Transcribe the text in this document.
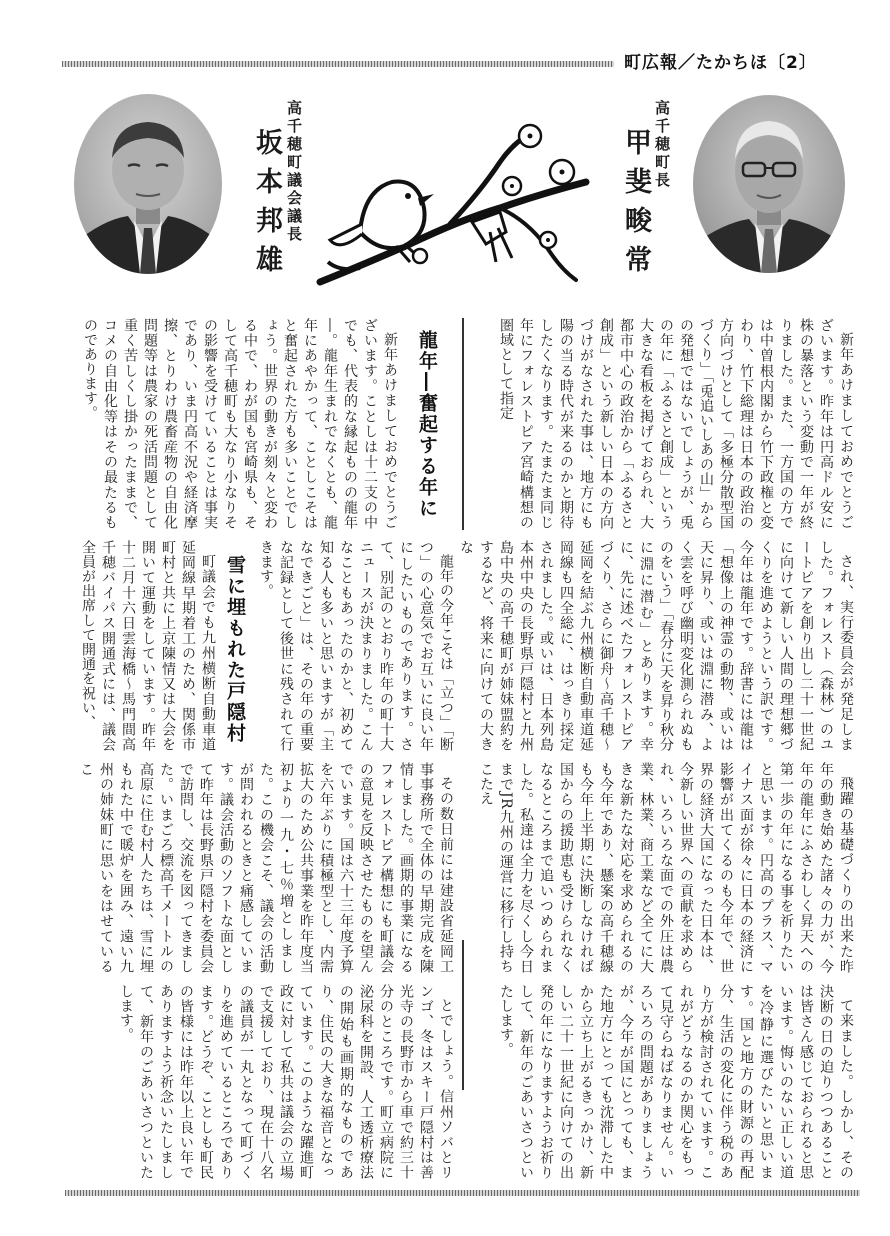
町広報／たかちほ〔2〕
高千穂町長
甲斐畯常
高千穂町議会議長
坂本邦雄

新年あけましておめでとうございます。昨年は円高ドル安に株の暴落という変動で一年が終りました。また、一方国の方では中曽根内閣から竹下政権と変わり、竹下総理は日本の政治の方向づけとして「多極分散型国づくり」「兎追いしあの山」からの発想ではないでしょうが、兎の年に「ふるさと創成」という大きな看板を掲げておられ、大都市中心の政治から「ふるさと創成」という新しい日本の方向づけがなされた事は、地方にも陽の当る時代が来るのかと期待したくなります。たまたま同じ年にフォレストピア宮崎構想の圏域として指定

され、実行委員会が発足しました。フォレスト（森林）のユートピアを創り出し二十一世紀に向けて新しい人間の理想郷づくりを進めようという訳です。今年は龍年です。辞書には龍は「想像上の神霊の動物、或いは天に昇り、或いは淵に潜み、よく雲を呼び幽明変化測られぬものをいう」「春分に天を昇り秋分に淵に潜む」とあります。幸に、先に述べたフォレストピアづくり、さらに御舟～高千穂～延岡を結ぶ九州横断自動車道延岡線も四全総に、はっきり採定されました。或いは、日本列島本州中央の長野県戸隠村と九州島中央の高千穂町が姉妹盟約をするなど、将来に向けての大きな

飛躍の基礎づくりの出来た昨年の動き始めた諸々の力が、今年の龍年にふさわしく昇天への第一歩の年になる事を祈りたいと思います。円高のプラス、マイナス面が徐々に日本の経済に影響が出てくるのも今年で、世界の経済大国になった日本は、今新しい世界への貢献を求められ、いろいろな面での外圧は農業、林業、商工業など全てに大きな新たな対応を求められるのも今年であり、懸案の高千穂線も今年上半期に決断しなければ国からの援助恵も受けられなくなるところまで追いつめられました。私達は全力を尽くし今日までJR九州の運営に移行し持ちこたえ

て来ました。しかし、その決断の日の迫りつつあることは皆さん感じておられると思います。悔いのない正しい道を冷静に選びたいと思います。国と地方の財源の再配分、生活の変化に伴う税のあり方が検討されています。これがどうなるのか関心をもって見守らねばなりません。いろいろの問題がありましょうが、今年が国にとっても、また地方にとっても沈滞した中から立ち上がるきっかけ、新しい二十一世紀に向けての出発の年になりますようお祈りして、新年のごあいさつといたします。

龍年―奮起する年に

新年あけましておめでとうございます。ことしは十二支の中でも、代表的な縁起ものの龍年―。龍年生まれでなくとも、龍年にあやかって、ことしこそはと奮起された方も多いことでしょう。世界の動きが刻々と変わる中で、わが国も宮崎県も、そして高千穂町も大なり小なりその影響を受けていることは事実であり、いま円高不況や経済摩擦、とりわけ農畜産物の自由化問題等は農家の死活問題として重く苦しくし掛かったままで、コメの自由化等はその最たるものであります。

龍年の今年こそは「立つ」「断つ」の心意気でお互いに良い年にしたいものであります。さて、別記のとおり昨年の町十大ニュースが決まりました。こんなこともあったのかと、初めて知る人も多いと思いますが「主なできごと」は、その年の重要な記録として後世に残されて行きます。

雪に埋もれた戸隠村

町議会でも九州横断自動車道延岡線早期着工のため、関係市町村と共に上京陳情又は大会を開いて運動をしています。昨年十二月十六日雲海橋～馬門間高千穂バイパス開通式には、議会全員が出席して開通を祝い、

その数日前には建設省延岡工事事務所で全体の早期完成を陳情しました。画期的事業になるフォレストピア構想にも町議会の意見を反映させたものを望んでいます。国は六十三年度予算を六年ぶりに積極型とし、内需拡大のため公共事業を昨年度当初より一九・七％増としました。この機会こそ、議会の活動が問われるときと痛感しています。議会活動のソフトな面として昨年は長野県戸隠村を委員会で訪問し、交流を図ってきました。いまごろ標高千メートルの高原に住む村人たちは、雪に埋もれた中で暖炉を囲み、遠い九州の姉妹町に思いをはせているこ

とでしょう。信州ソバとリンゴ、冬はスキー戸隠村は善光寺の長野市から車で約三十分のところです。町立病院に泌尿科を開設、人工透析療法の開始も画期的なものであり、住民の大きな福音となっています。このような躍進町政に対して私共は議会の立場で支援しており、現在十八名の議員が一丸となって町づくりを進めているところであります。どうぞ、ことしも町民の皆様には昨年以上良い年でありますよう祈念いたしまして、新年のごあいさつといたします。
